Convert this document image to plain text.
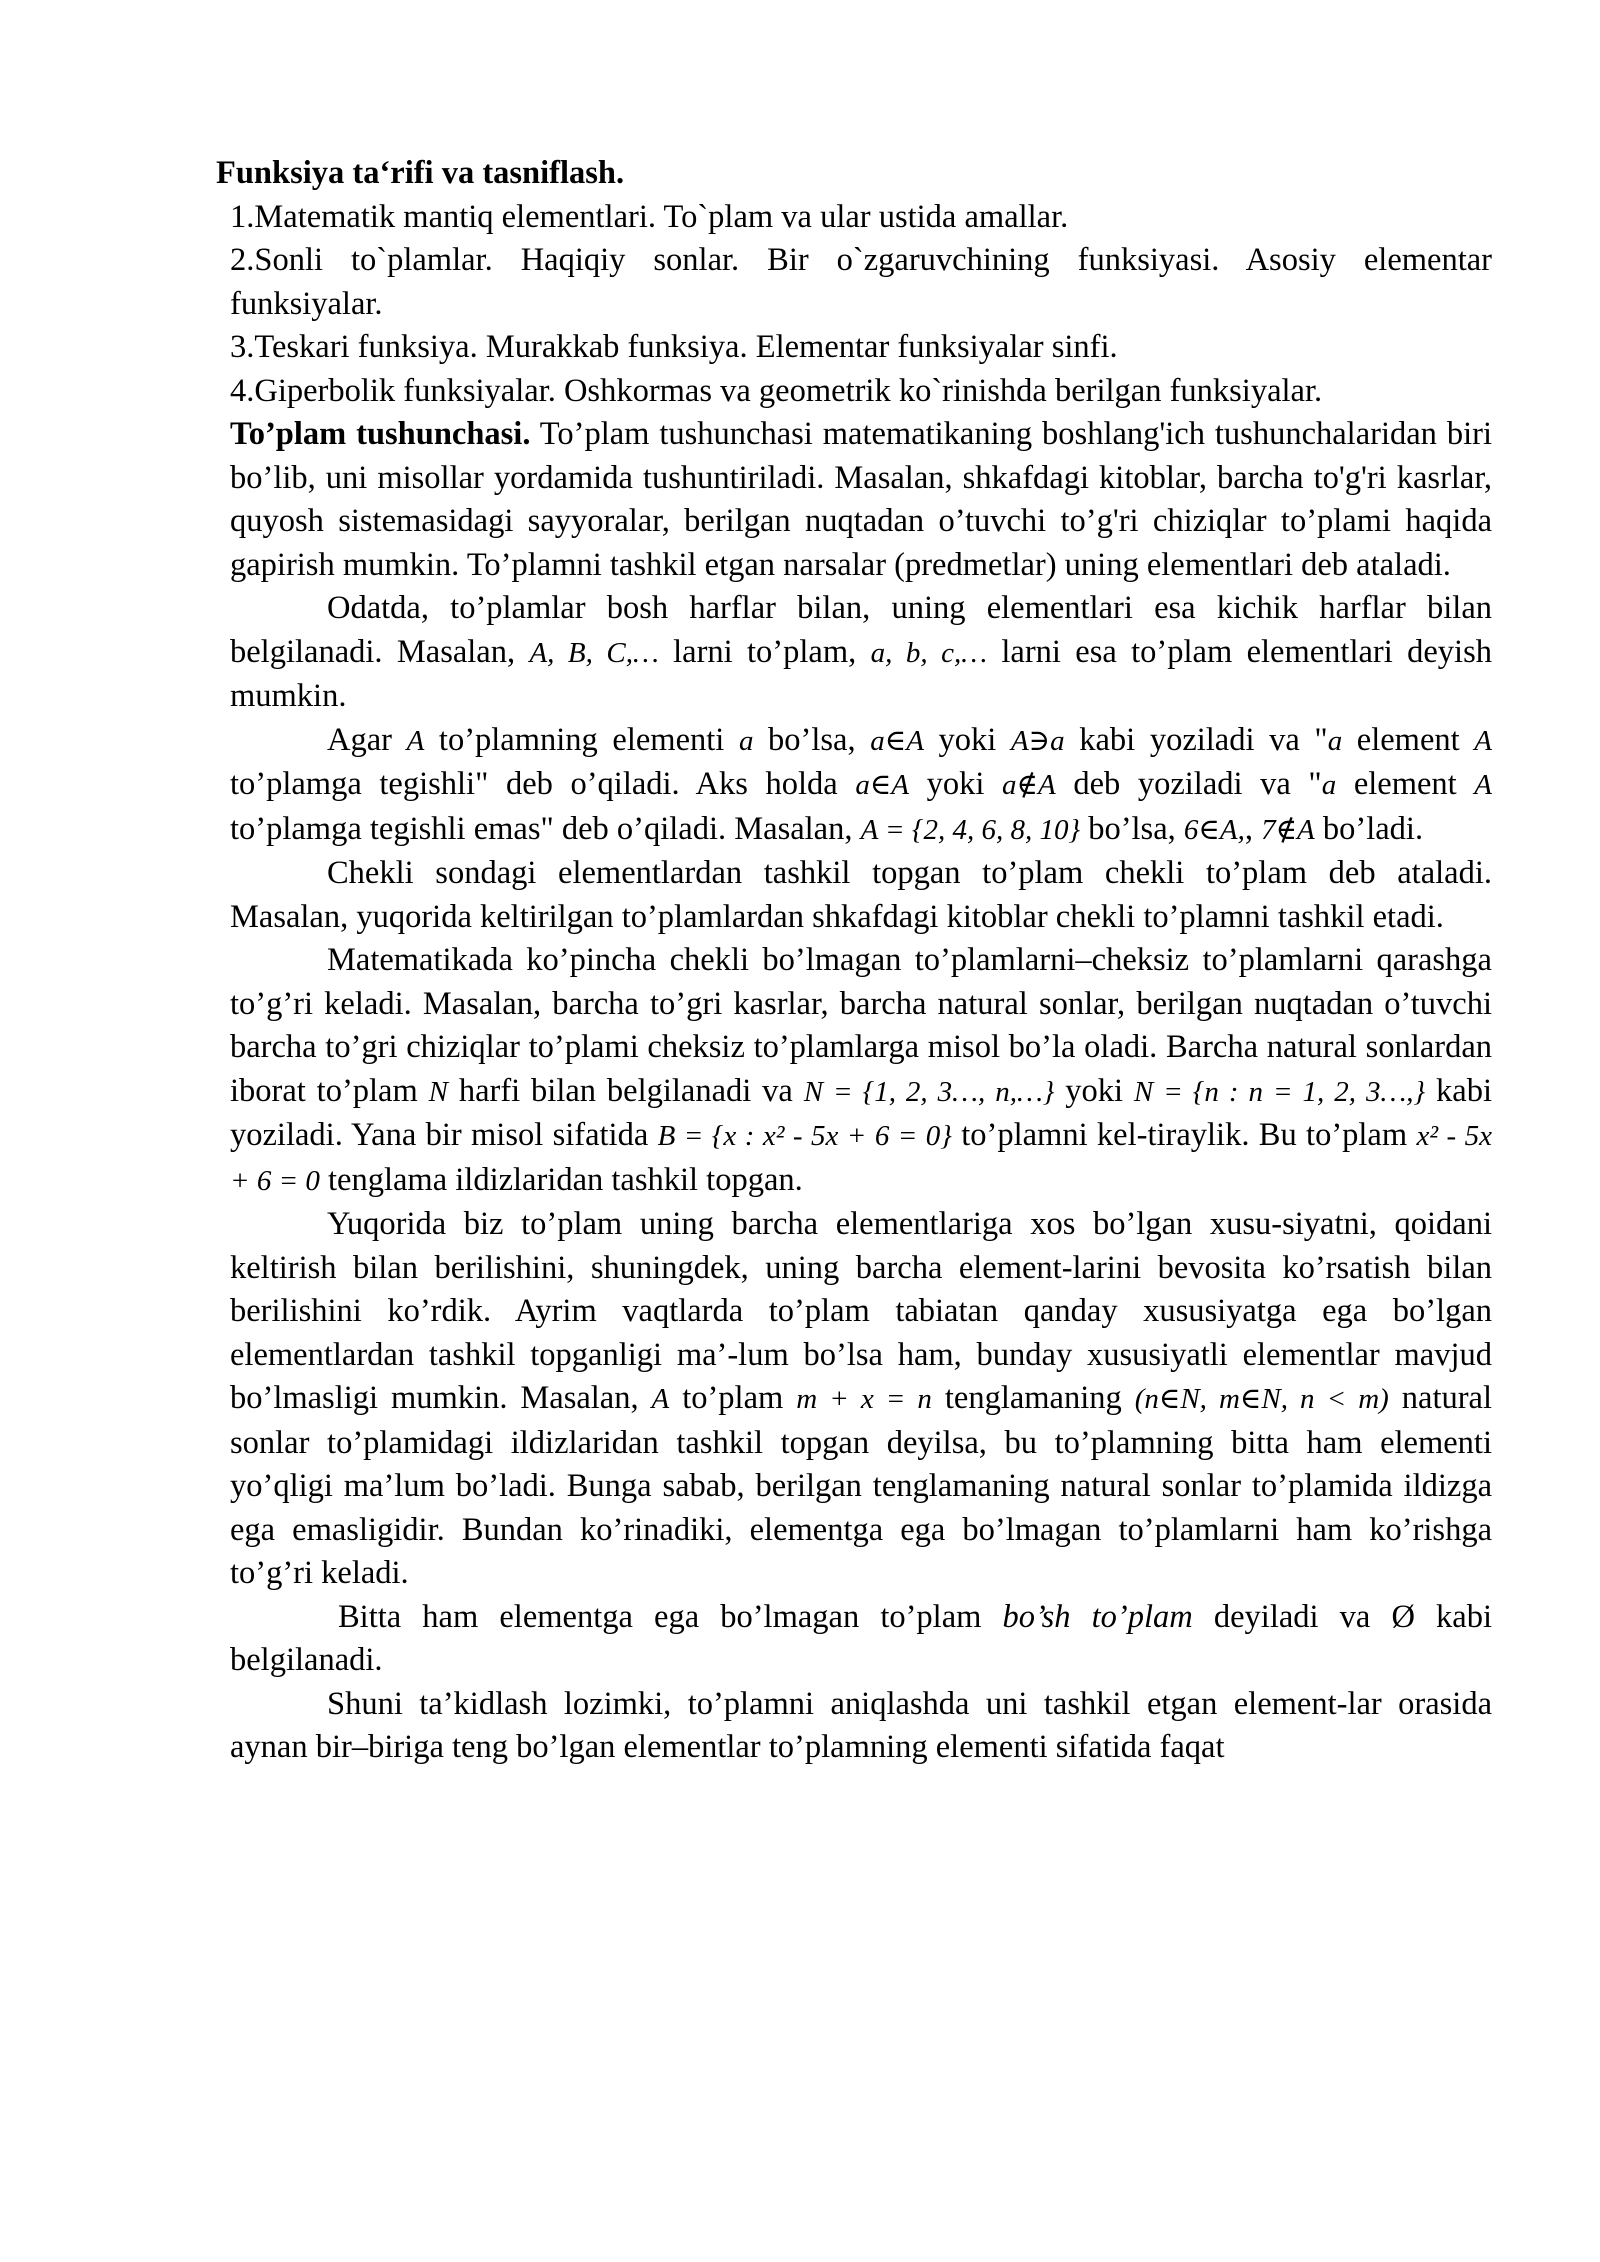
Funksiya ta‘rifi va tasniflash.

1.Matematik mantiq elementlari. To`plam va ular ustida amallar.

2.Sonli to`plamlar. Haqiqiy sonlar. Bir o`zgaruvchining funksiyasi. Asosiy elementar funksiyalar.

3.Teskari funksiya. Murakkab funksiya. Elementar funksiyalar sinfi.

4.Giperbolik funksiyalar. Oshkormas va geometrik ko`rinishda berilgan funksiyalar.

To’plam tushunchasi. To’plam tushunchasi matematikaning boshlang'ich tushunchalaridan biri bo’lib, uni misollar yordamida tushuntiriladi. Masalan, shkafdagi kitoblar, barcha to'g'ri kasrlar, quyosh sistemasidagi sayyoralar, berilgan nuqtadan o’tuvchi to’g'ri chiziqlar to’plami haqida gapirish mumkin. To’plamni tashkil etgan narsalar (predmetlar) uning elementlari deb ataladi.

Odatda, to’plamlar bosh harflar bilan, uning elementlari esa kichik harflar bilan belgilanadi. Masalan, A, B, C,… larni to’plam, a, b, c,… larni esa to’plam elementlari deyish mumkin.

Agar A to’plamning elementi a bo’lsa, a∈A yoki A∋a kabi yoziladi va "a element A to’plamga tegishli" deb o’qiladi. Aks holda a∈A yoki a∉A deb yoziladi va "a element A to’plamga tegishli emas" deb o’qiladi. Masalan, A = {2, 4, 6, 8, 10} bo’lsa, 6∈A,, 7∉A bo’ladi.

Chekli sondagi elementlardan tashkil topgan to’plam chekli to’plam deb ataladi. Masalan, yuqorida keltirilgan to’plamlardan shkafdagi kitoblar chekli to’plamni tashkil etadi.

Matematikada ko’pincha chekli bo’lmagan to’plamlarni–cheksiz to’plamlarni qarashga to’g’ri keladi. Masalan, barcha to’gri kasrlar, barcha natural sonlar, berilgan nuqtadan o’tuvchi barcha to’gri chiziqlar to’plami cheksiz to’plamlarga misol bo’la oladi. Barcha natural sonlardan iborat to’plam N harfi bilan belgilanadi va N = {1, 2, 3…, n,…} yoki N = {n : n = 1, 2, 3…,} kabi yoziladi. Yana bir misol sifatida B = {x : x² - 5x + 6 = 0} to’plamni kel-tiraylik. Bu to’plam x² - 5x + 6 = 0 tenglama ildizlaridan tashkil topgan.

Yuqorida biz to’plam uning barcha elementlariga xos bo’lgan xusu-siyatni, qoidani keltirish bilan berilishini, shuningdek, uning barcha element-larini bevosita ko’rsatish bilan berilishini ko’rdik. Ayrim vaqtlarda to’plam tabiatan qanday xususiyatga ega bo’lgan elementlardan tashkil topganligi ma’-lum bo’lsa ham, bunday xususiyatli elementlar mavjud bo’lmasligi mumkin. Masalan, A to’plam m + x = n tenglamaning (n∈N, m∈N, n < m) natural sonlar to’plamidagi ildizlaridan tashkil topgan deyilsa, bu to’plamning bitta ham elementi yo’qligi ma’lum bo’ladi. Bunga sabab, berilgan tenglamaning natural sonlar to’plamida ildizga ega emasligidir. Bundan ko’rinadiki, elementga ega bo’lmagan to’plamlarni ham ko’rishga to’g’ri keladi.

Bitta ham elementga ega bo’lmagan to’plam bo’sh to’plam deyiladi va Ø kabi belgilanadi.

Shuni ta’kidlash lozimki, to’plamni aniqlashda uni tashkil etgan element-lar orasida aynan bir–biriga teng bo’lgan elementlar to’plamning elementi sifatida faqat
